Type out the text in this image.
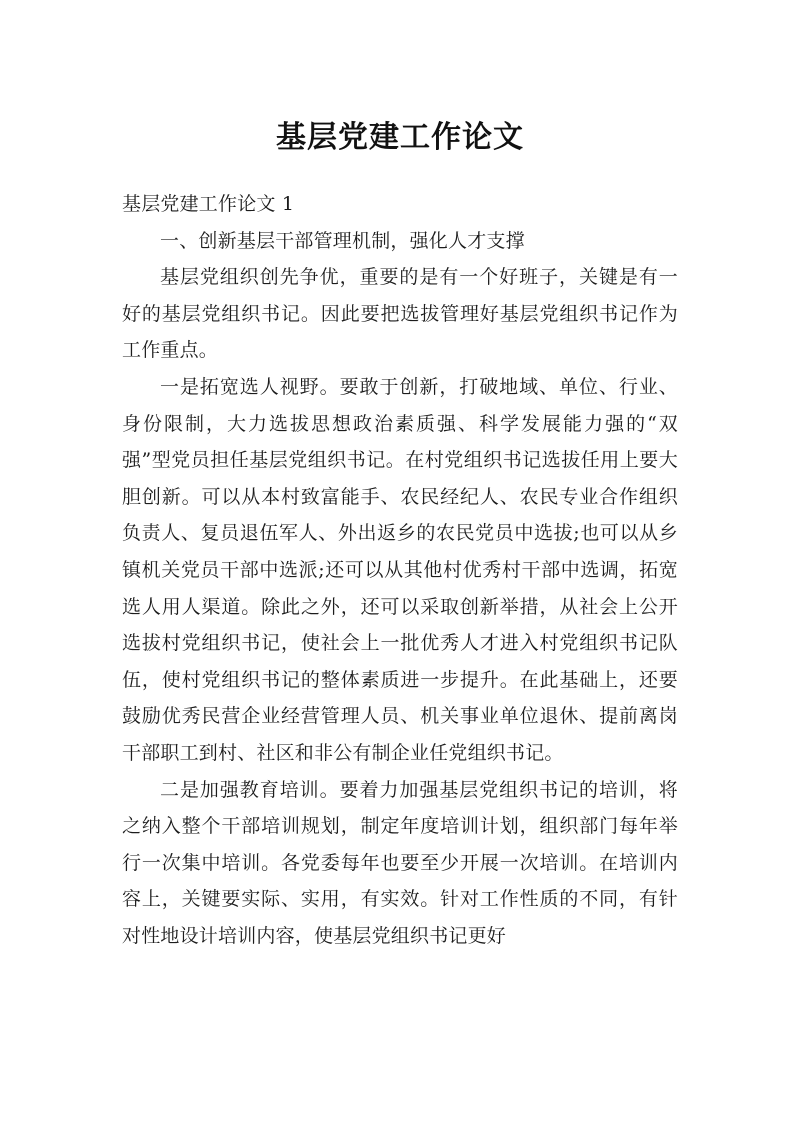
基层党建工作论文

基层党建工作论文 1

一、创新基层干部管理机制，强化人才支撑

基层党组织创先争优，重要的是有一个好班子，关键是有一好的基层党组织书记。因此要把选拔管理好基层党组织书记作为工作重点。

一是拓宽选人视野。要敢于创新，打破地域、单位、行业、身份限制，大力选拔思想政治素质强、科学发展能力强的“双强”型党员担任基层党组织书记。在村党组织书记选拔任用上要大胆创新。可以从本村致富能手、农民经纪人、农民专业合作组织负责人、复员退伍军人、外出返乡的农民党员中选拔;也可以从乡镇机关党员干部中选派;还可以从其他村优秀村干部中选调，拓宽选人用人渠道。除此之外，还可以采取创新举措，从社会上公开选拔村党组织书记，使社会上一批优秀人才进入村党组织书记队伍，使村党组织书记的整体素质进一步提升。在此基础上，还要鼓励优秀民营企业经营管理人员、机关事业单位退休、提前离岗干部职工到村、社区和非公有制企业任党组织书记。

二是加强教育培训。要着力加强基层党组织书记的培训，将之纳入整个干部培训规划，制定年度培训计划，组织部门每年举行一次集中培训。各党委每年也要至少开展一次培训。在培训内容上，关键要实际、实用，有实效。针对工作性质的不同，有针对性地设计培训内容，使基层党组织书记更好
